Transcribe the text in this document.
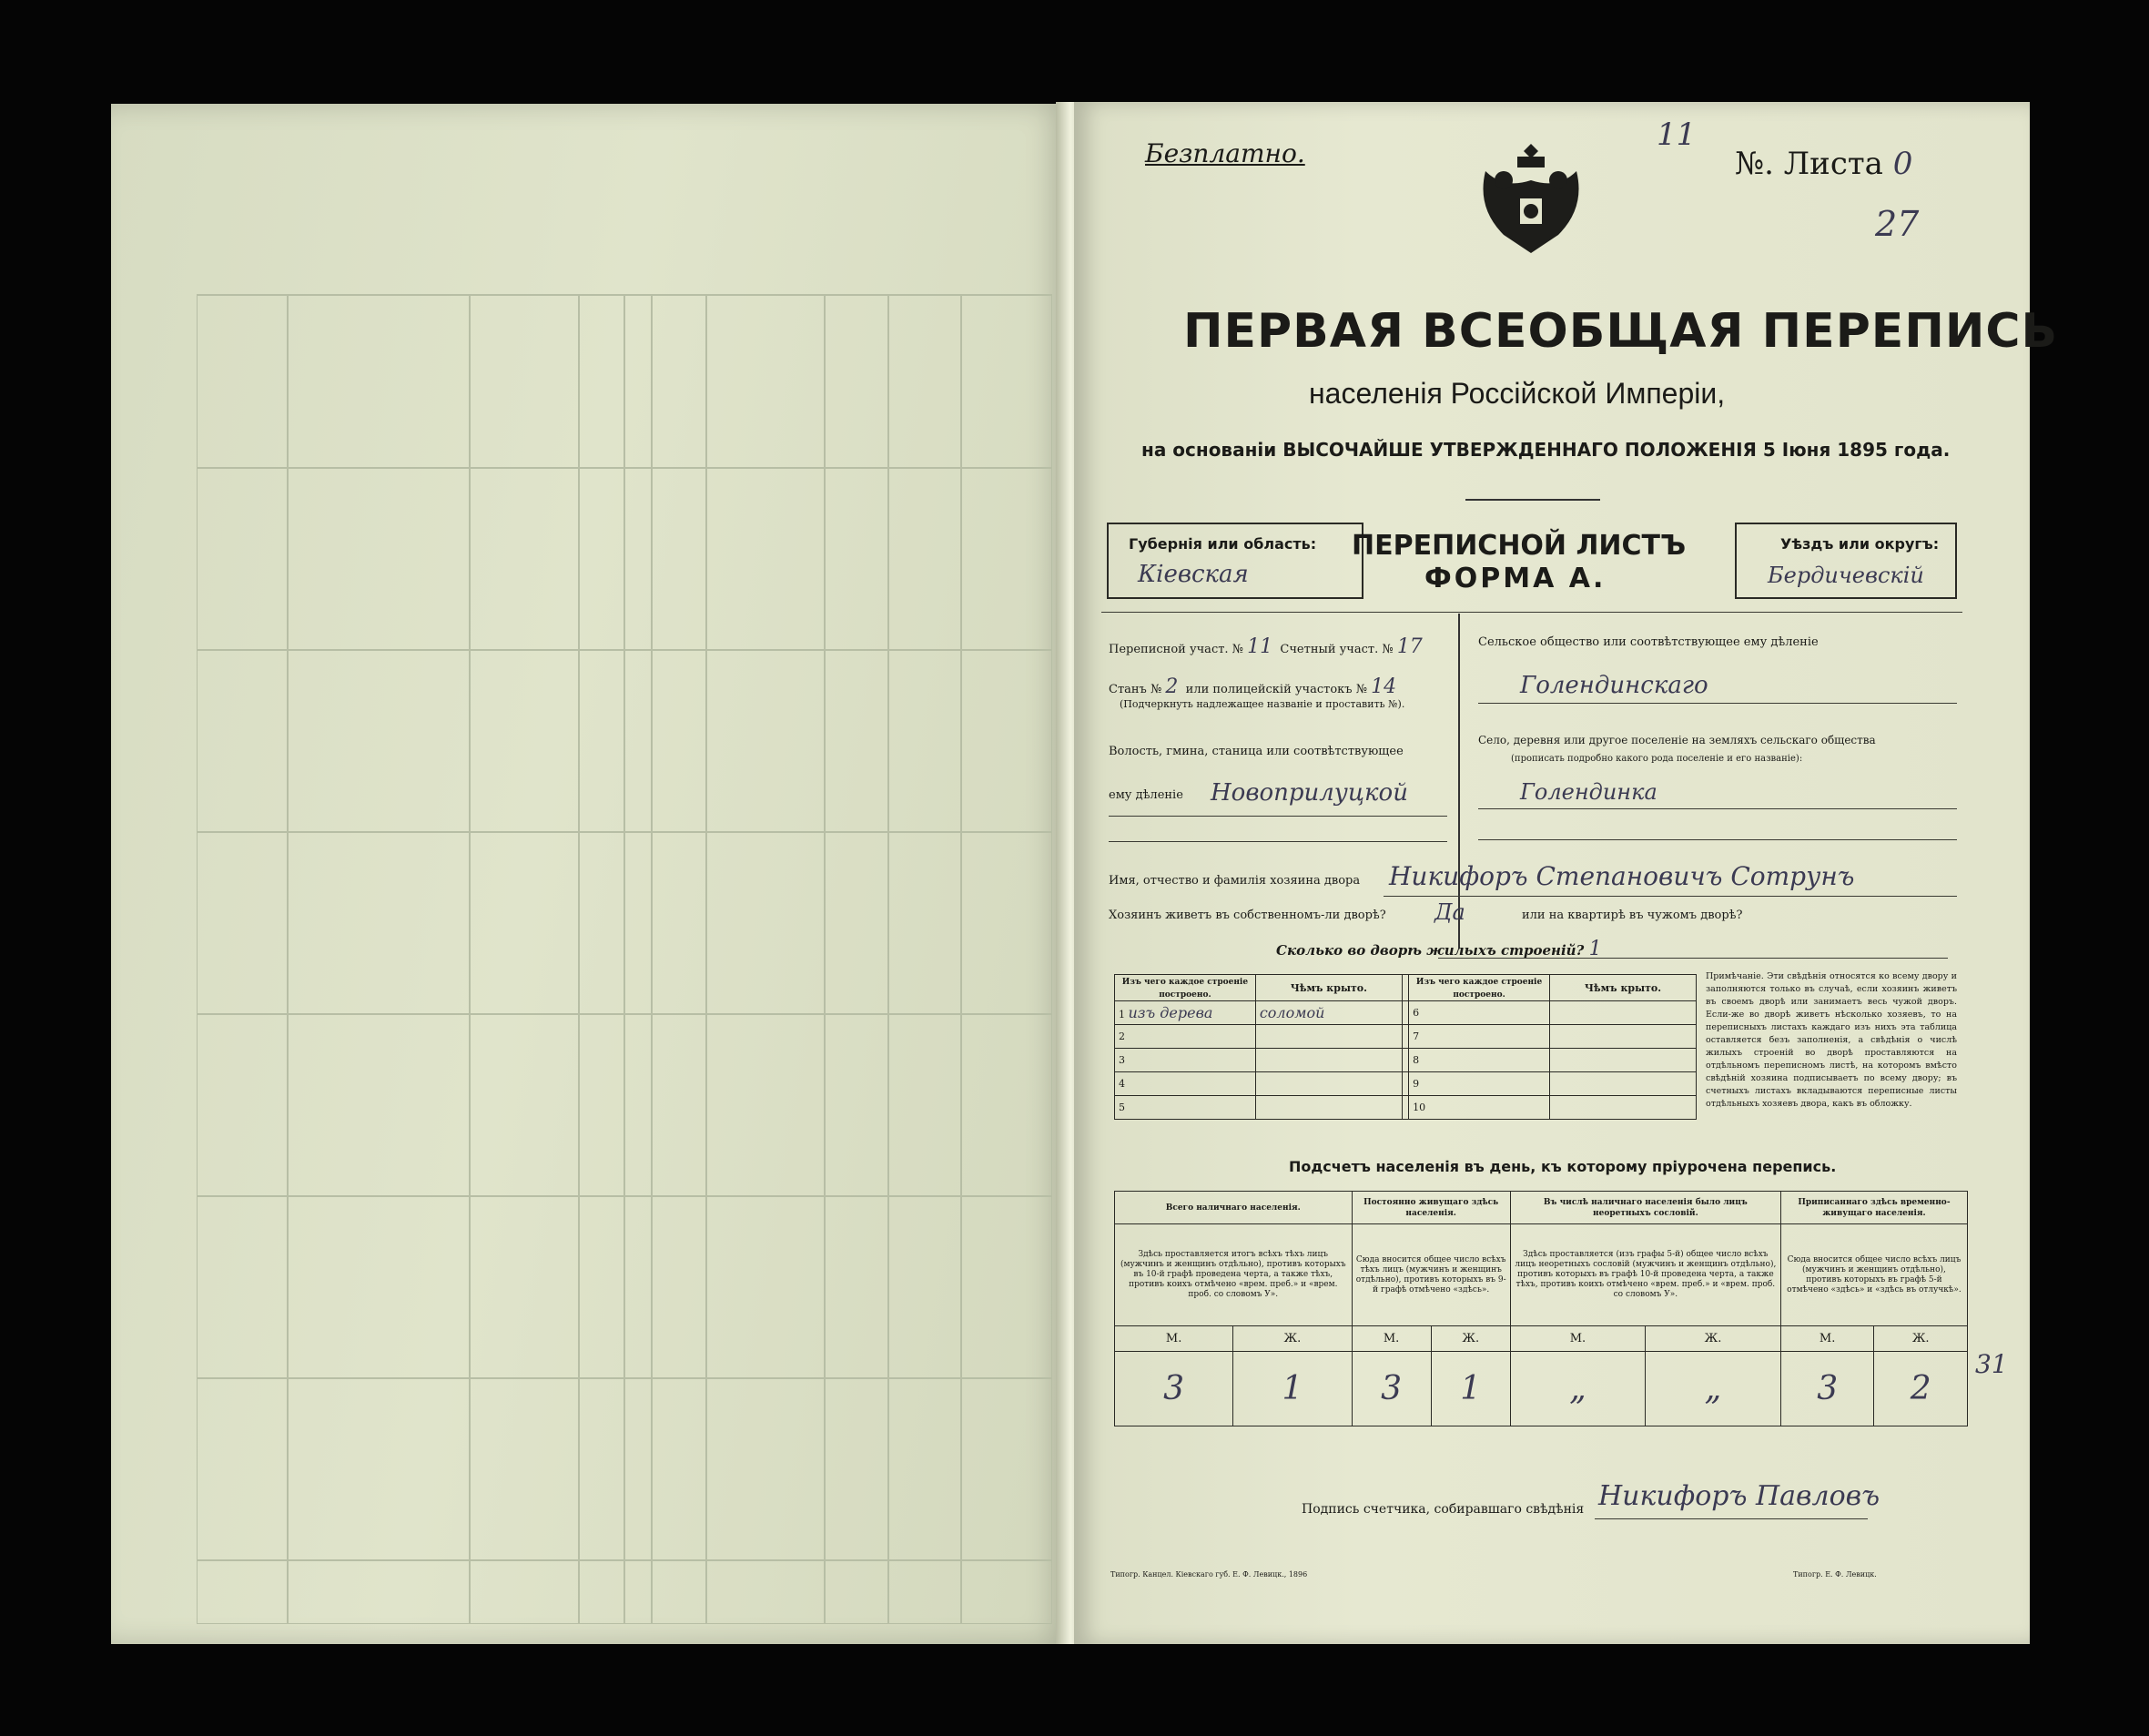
Безплатно.
11
№. Листа 0
27
ПЕРВАЯ ВСЕОБЩАЯ ПЕРЕПИСЬ
населенія Россійской Имперіи,
на основаніи ВЫСОЧАЙШЕ УТВЕРЖДЕННАГО ПОЛОЖЕНІЯ 5 Іюня 1895 года.
Губернія или область:
Кіевская
ПЕРЕПИСНОЙ ЛИСТЪ
ФОРМА А.
Уѣздъ или округъ:
Бердичевскій
Переписной участ. № 11 Счетный участ. № 17
Станъ № 2 или полицейскій участокъ № 14
(Подчеркнуть надлежащее названіе и проставить №).
Волость, гмина, станица или соотвѣтствующее
ему дѣленіе Новоприлуцкой
Сельское общество или соотвѣтствующее ему дѣленіе
Голендинскаго
Село, деревня или другое поселеніе на земляхъ сельскаго общества
(прописать подробно какого рода поселеніе и его названіе):
Голендинка
Имя, отчество и фамилія хозяина двора Никифоръ Степановичъ Сотрунъ
Хозяинъ живетъ въ собственномъ-ли дворѣ? Да	или на квартирѣ въ чужомъ дворѣ?
Сколько во дворѣ жилыхъ строеній? 1
Изъ чего каждое строеніе построено.	Чѣмъ крыто.		Изъ чего каждое строеніе построено.	Чѣмъ крыто.
1 изъ дерева	соломой		6	
2			7	
3			8	
4			9	
5			10	
Примѣчаніе. Эти свѣдѣнія относятся ко всему двору и заполняются только въ случаѣ, если хозяинъ живетъ въ своемъ дворѣ или занимаетъ весь чужой дворъ. Если-же во дворѣ живетъ нѣсколько хозяевъ, то на переписныхъ листахъ каждаго изъ нихъ эта таблица оставляется безъ заполненія, а свѣдѣнія о числѣ жилыхъ строеній во дворѣ проставляются на отдѣльномъ переписномъ листѣ, на которомъ вмѣсто свѣдѣній хозяина подписываетъ по всему двору; въ счетныхъ листахъ вкладываются переписные листы отдѣльныхъ хозяевъ двора, какъ въ обложку.
Подсчетъ населенія въ день, къ которому пріурочена перепись.
Всего наличнаго населенія.		Постоянно живущаго здѣсь населенія.		Въ числѣ наличнаго населенія было лицъ неоретныхъ сословій.		Приписаннаго здѣсь временно-живущаго населенія.	
Здѣсь проставляется итогъ всѣхъ тѣхъ лицъ (мужчинъ и женщинъ отдѣльно), противъ которыхъ въ 10-й графѣ проведена черта, а также тѣхъ, противъ коихъ отмѣчено «врем. преб.» и «врем. проб. со словомъ У».		Сюда вносится общее число всѣхъ тѣхъ лицъ (мужчинъ и женщинъ отдѣльно), противъ которыхъ въ 9-й графѣ отмѣчено «здѣсь».		Здѣсь проставляется (изъ графы 5-й) общее число всѣхъ лицъ неоретныхъ сословій (мужчинъ и женщинъ отдѣльно), противъ которыхъ въ графѣ 10-й проведена черта, а также тѣхъ, противъ коихъ отмѣчено «врем. преб.» и «врем. проб. со словомъ У».		Сюда вносится общее число всѣхъ лицъ (мужчинъ и женщинъ отдѣльно), противъ которыхъ въ графѣ 5-й отмѣчено «здѣсь» и «здѣсь въ отлучкѣ».	
М.	Ж.	М.	Ж.	М.	Ж.	М.	Ж.
3	1	3	1	„	„	3	2
31
Подпись счетчика, собиравшаго свѣдѣнія Никифоръ Павловъ
Типогр. Канцел. Кіевскаго губ. Е. Ф. Левицк., 1896	Типогр. Е. Ф. Левицк.
